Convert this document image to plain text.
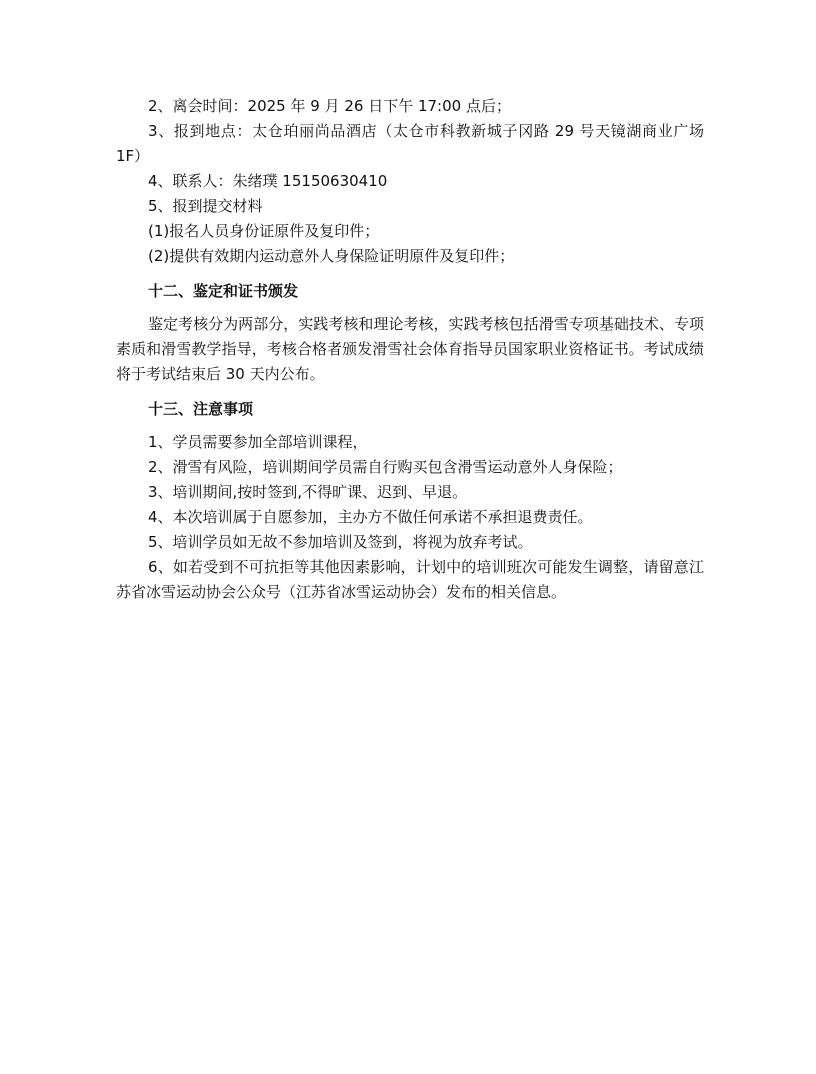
2、离会时间：2025 年 9 月 26 日下午 17:00 点后；

3、报到地点：太仓珀丽尚品酒店（太仓市科教新城子冈路 29 号天镜湖商业广场 1F）

4、联系人：朱绪璞 15150630410

5、报到提交材料

(1)报名人员身份证原件及复印件；

(2)提供有效期内运动意外人身保险证明原件及复印件；

十二、鉴定和证书颁发

鉴定考核分为两部分，实践考核和理论考核，实践考核包括滑雪专项基础技术、专项素质和滑雪教学指导，考核合格者颁发滑雪社会体育指导员国家职业资格证书。考试成绩将于考试结束后 30 天内公布。

十三、注意事项

1、学员需要参加全部培训课程，

2、滑雪有风险，培训期间学员需自行购买包含滑雪运动意外人身保险；

3、培训期间,按时签到,不得旷课、迟到、早退。

4、本次培训属于自愿参加，主办方不做任何承诺不承担退费责任。

5、培训学员如无故不参加培训及签到，将视为放弃考试。

6、如若受到不可抗拒等其他因素影响，计划中的培训班次可能发生调整，请留意江苏省冰雪运动协会公众号（江苏省冰雪运动协会）发布的相关信息。
